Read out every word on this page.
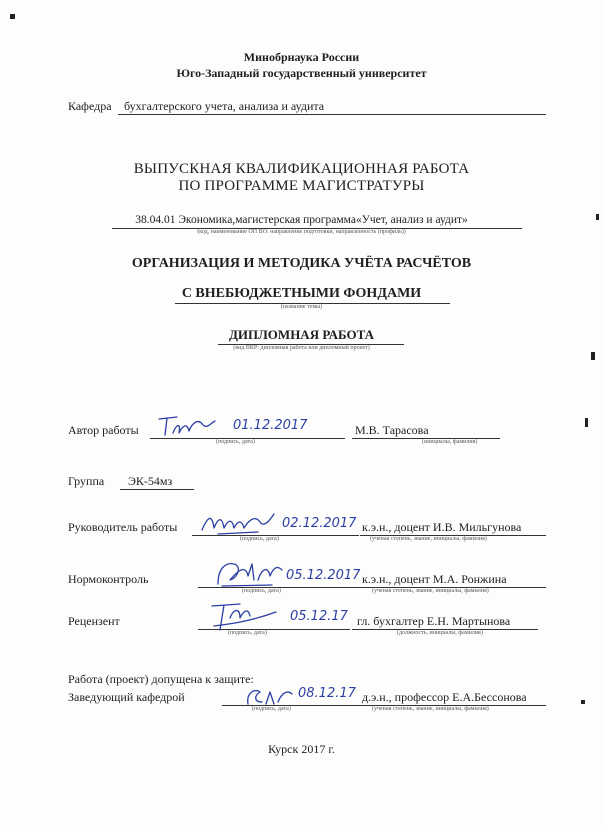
Минобрнаука России
Юго-Западный государственный университет
Кафедра бухгалтерского учета, анализа и аудита
ВЫПУСКНАЯ КВАЛИФИКАЦИОННАЯ РАБОТА
ПО ПРОГРАММЕ МАГИСТРАТУРЫ
38.04.01 Экономика,магистерская программа«Учет, анализ и аудит»
(код, наименование ОП ВО: направление подготовки, направленность (профиль))
ОРГАНИЗАЦИЯ И МЕТОДИКА УЧЁТА РАСЧЁТОВ
С ВНЕБЮДЖЕТНЫМИ ФОНДАМИ
(название темы)
ДИПЛОМНАЯ РАБОТА
(вид ВКР: дипломная работа или дипломный проект)
Автор работы	01.12.2017
(подпись, дата)
М.В. Тарасова
(инициалы, фамилия)
Группа ЭК-54мз
Руководитель работы	02.12.2017
(подпись, дата)
к.э.н., доцент И.В. Мильгунова
(ученая степень, звание, инициалы, фамилия)
Нормоконтроль	05.12.2017
(подпись, дата)
к.э.н., доцент М.А. Ронжина
(ученая степень, звание, инициалы, фамилия)
Рецензент	05.12.17
(подпись, дата)
гл. бухгалтер Е.Н. Мартынова
(должность, инициалы, фамилия)
Работа (проект) допущена к защите:
Заведующий кафедрой	08.12.17
(подпись, дата)
д.э.н., профессор Е.А.Бессонова
(ученая степень, звание, инициалы, фамилия)
Курск 2017 г.
